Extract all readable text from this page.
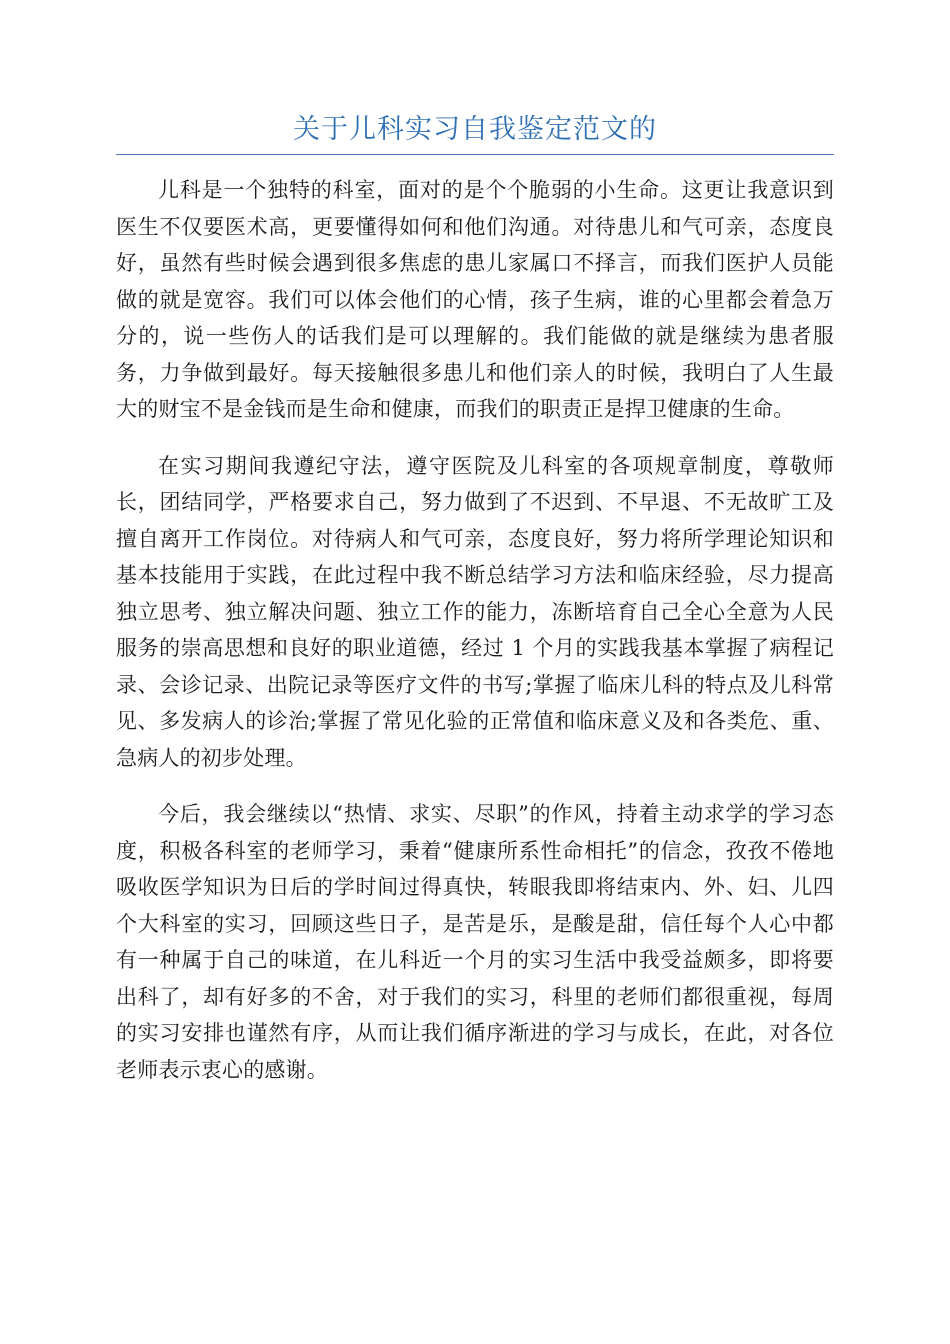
关于儿科实习自我鉴定范文的

儿科是一个独特的科室，面对的是个个脆弱的小生命。这更让我意识到医生不仅要医术高，更要懂得如何和他们沟通。对待患儿和气可亲，态度良好，虽然有些时候会遇到很多焦虑的患儿家属口不择言，而我们医护人员能做的就是宽容。我们可以体会他们的心情，孩子生病，谁的心里都会着急万分的，说一些伤人的话我们是可以理解的。我们能做的就是继续为患者服务，力争做到最好。每天接触很多患儿和他们亲人的时候，我明白了人生最大的财宝不是金钱而是生命和健康，而我们的职责正是捍卫健康的生命。

在实习期间我遵纪守法，遵守医院及儿科室的各项规章制度，尊敬师长，团结同学，严格要求自己，努力做到了不迟到、不早退、不无故旷工及擅自离开工作岗位。对待病人和气可亲，态度良好，努力将所学理论知识和基本技能用于实践，在此过程中我不断总结学习方法和临床经验，尽力提高独立思考、独立解决问题、独立工作的能力，冻断培育自己全心全意为人民服务的崇高思想和良好的职业道德，经过 1 个月的实践我基本掌握了病程记录、会诊记录、出院记录等医疗文件的书写;掌握了临床儿科的特点及儿科常见、多发病人的诊治;掌握了常见化验的正常值和临床意义及和各类危、重、急病人的初步处理。

今后，我会继续以“热情、求实、尽职”的作风，持着主动求学的学习态度，积极各科室的老师学习，秉着“健康所系性命相托”的信念，孜孜不倦地吸收医学知识为日后的学时间过得真快，转眼我即将结束内、外、妇、儿四个大科室的实习，回顾这些日子，是苦是乐，是酸是甜，信任每个人心中都有一种属于自己的味道，在儿科近一个月的实习生活中我受益颇多，即将要出科了，却有好多的不舍，对于我们的实习，科里的老师们都很重视，每周的实习安排也谨然有序，从而让我们循序渐进的学习与成长，在此，对各位老师表示衷心的感谢。
